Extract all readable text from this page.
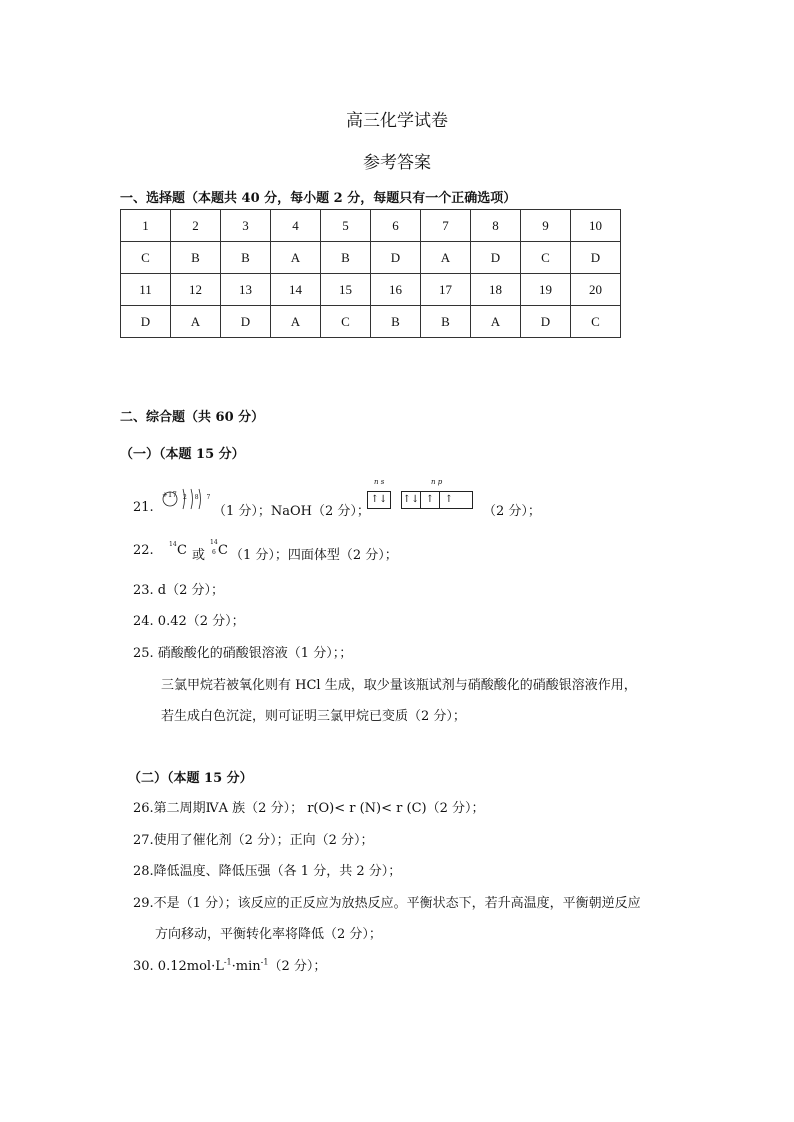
高三化学试卷
参考答案
一、选择题（本题共 40 分，每小题 2 分，每题只有一个正确选项）
1	2	3	4	5	6	7	8	9	10
C	B	B	A	B	D	A	D	C	D
11	12	13	14	15	16	17	18	19	20
D	A	D	A	C	B	B	A	D	C
二、综合题（共 60 分）
（一）（本题 15 分）
21.
+17 2 8 7
（1 分）；NaOH（2 分）；
n s	n p
↑↓	↑↓ ↑ ↑
（2 分）；
22.	14 C 或
14
6 C （1 分）；四面体型（2 分）；
23. d（2 分）；
24. 0.42（2 分）；
25. 硝酸酸化的硝酸银溶液（1 分）；；
三氯甲烷若被氧化则有 HCl 生成，取少量该瓶试剂与硝酸酸化的硝酸银溶液作用，
若生成白色沉淀，则可证明三氯甲烷已变质（2 分）；
（二）（本题 15 分）
26.第二周期ⅣA 族（2 分）； r(O)< r (N)< r (C)（2 分）；
27.使用了催化剂（2 分）；正向（2 分）；
28.降低温度、降低压强（各 1 分，共 2 分）；
29.不是（1 分）；该反应的正反应为放热反应。平衡状态下，若升高温度，平衡朝逆反应
方向移动，平衡转化率将降低（2 分）；
30. $0.12mol\cdot L^{-1}\cdot\min^{-1}(2$ 分）；
